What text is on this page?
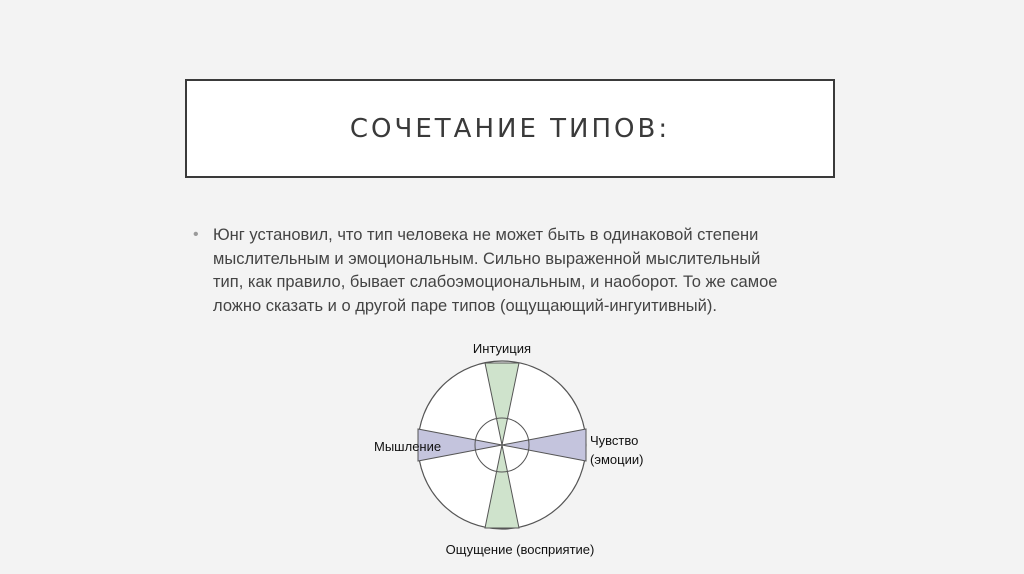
СОЧЕТАНИЕ ТИПОВ:
• Юнг установил, что тип человека не может быть в одинаковой степени
мыслительным и эмоциональным. Сильно выраженной мыслительный
тип, как правило, бывает слабоэмоциональным, и наоборот. То же самое
ложно сказать и о другой паре типов (ощущающий-ингуитивный).
Интуиция
Мышление	Чувство
(эмоции)
Ощущение (восприятие)
